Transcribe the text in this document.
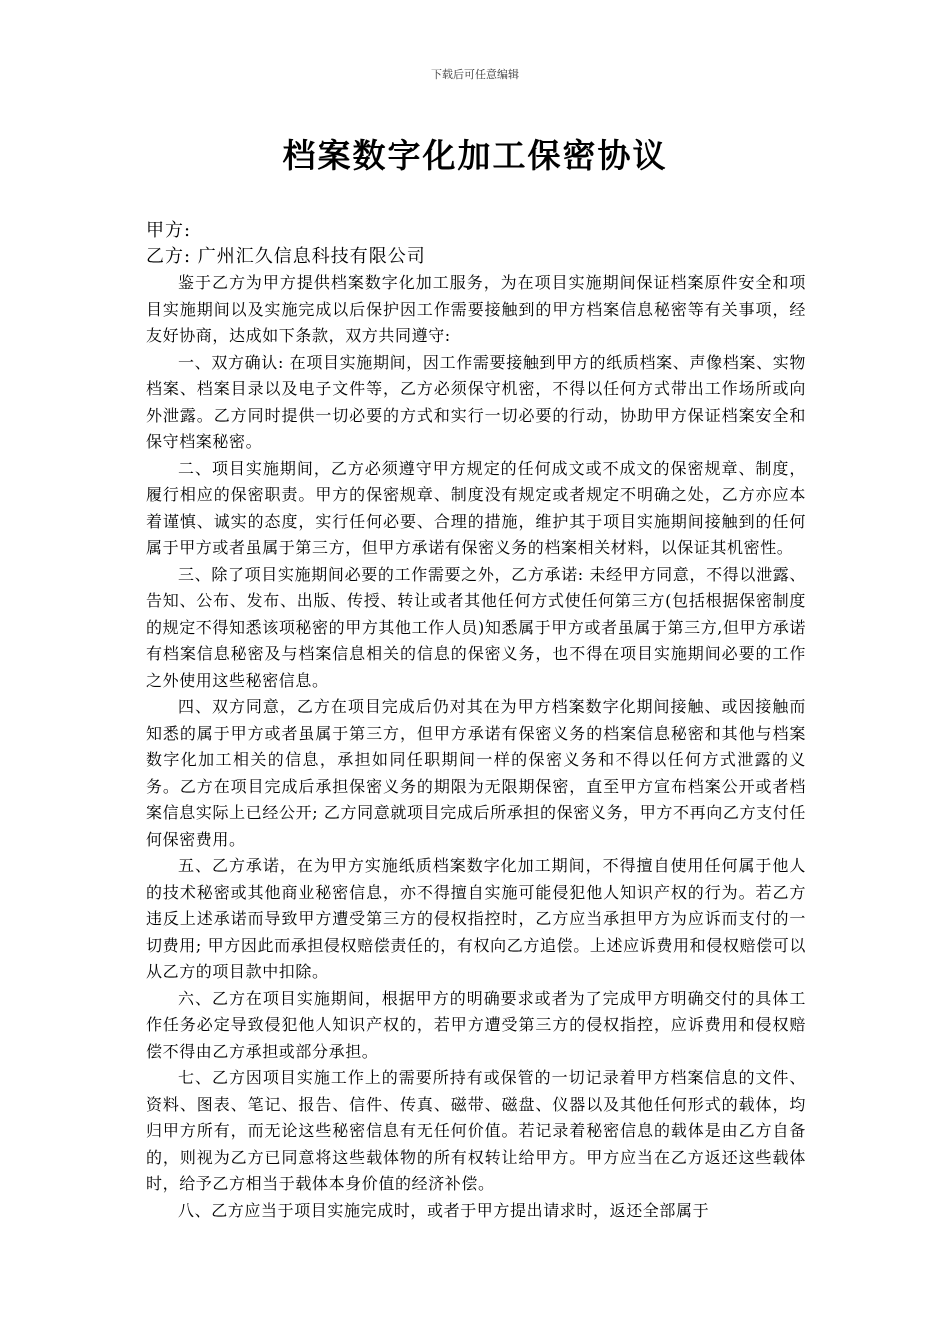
下载后可任意编辑
档案数字化加工保密协议

甲方:

乙方: 广州汇久信息科技有限公司

鉴于乙方为甲方提供档案数字化加工服务，为在项目实施期间保证档案原件安全和项目实施期间以及实施完成以后保护因工作需要接触到的甲方档案信息秘密等有关事项，经友好协商，达成如下条款，双方共同遵守:

一、双方确认: 在项目实施期间，因工作需要接触到甲方的纸质档案、声像档案、实物档案、档案目录以及电子文件等，乙方必须保守机密，不得以任何方式带出工作场所或向外泄露。乙方同时提供一切必要的方式和实行一切必要的行动，协助甲方保证档案安全和保守档案秘密。

二、项目实施期间，乙方必须遵守甲方规定的任何成文或不成文的保密规章、制度，履行相应的保密职责。甲方的保密规章、制度没有规定或者规定不明确之处，乙方亦应本着谨慎、诚实的态度，实行任何必要、合理的措施，维护其于项目实施期间接触到的任何属于甲方或者虽属于第三方，但甲方承诺有保密义务的档案相关材料，以保证其机密性。

三、除了项目实施期间必要的工作需要之外，乙方承诺: 未经甲方同意，不得以泄露、告知、公布、发布、出版、传授、转让或者其他任何方式使任何第三方(包括根据保密制度的规定不得知悉该项秘密的甲方其他工作人员)知悉属于甲方或者虽属于第三方,但甲方承诺有档案信息秘密及与档案信息相关的信息的保密义务，也不得在项目实施期间必要的工作之外使用这些秘密信息。

四、双方同意，乙方在项目完成后仍对其在为甲方档案数字化期间接触、或因接触而知悉的属于甲方或者虽属于第三方，但甲方承诺有保密义务的档案信息秘密和其他与档案数字化加工相关的信息，承担如同任职期间一样的保密义务和不得以任何方式泄露的义务。乙方在项目完成后承担保密义务的期限为无限期保密，直至甲方宣布档案公开或者档案信息实际上已经公开; 乙方同意就项目完成后所承担的保密义务，甲方不再向乙方支付任何保密费用。

五、乙方承诺，在为甲方实施纸质档案数字化加工期间，不得擅自使用任何属于他人的技术秘密或其他商业秘密信息，亦不得擅自实施可能侵犯他人知识产权的行为。若乙方违反上述承诺而导致甲方遭受第三方的侵权指控时，乙方应当承担甲方为应诉而支付的一切费用; 甲方因此而承担侵权赔偿责任的，有权向乙方追偿。上述应诉费用和侵权赔偿可以从乙方的项目款中扣除。

六、乙方在项目实施期间，根据甲方的明确要求或者为了完成甲方明确交付的具体工作任务必定导致侵犯他人知识产权的，若甲方遭受第三方的侵权指控，应诉费用和侵权赔偿不得由乙方承担或部分承担。

七、乙方因项目实施工作上的需要所持有或保管的一切记录着甲方档案信息的文件、资料、图表、笔记、报告、信件、传真、磁带、磁盘、仪器以及其他任何形式的载体，均归甲方所有，而无论这些秘密信息有无任何价值。若记录着秘密信息的载体是由乙方自备的，则视为乙方已同意将这些载体物的所有权转让给甲方。甲方应当在乙方返还这些载体时，给予乙方相当于载体本身价值的经济补偿。

八、乙方应当于项目实施完成时，或者于甲方提出请求时，返还全部属于
